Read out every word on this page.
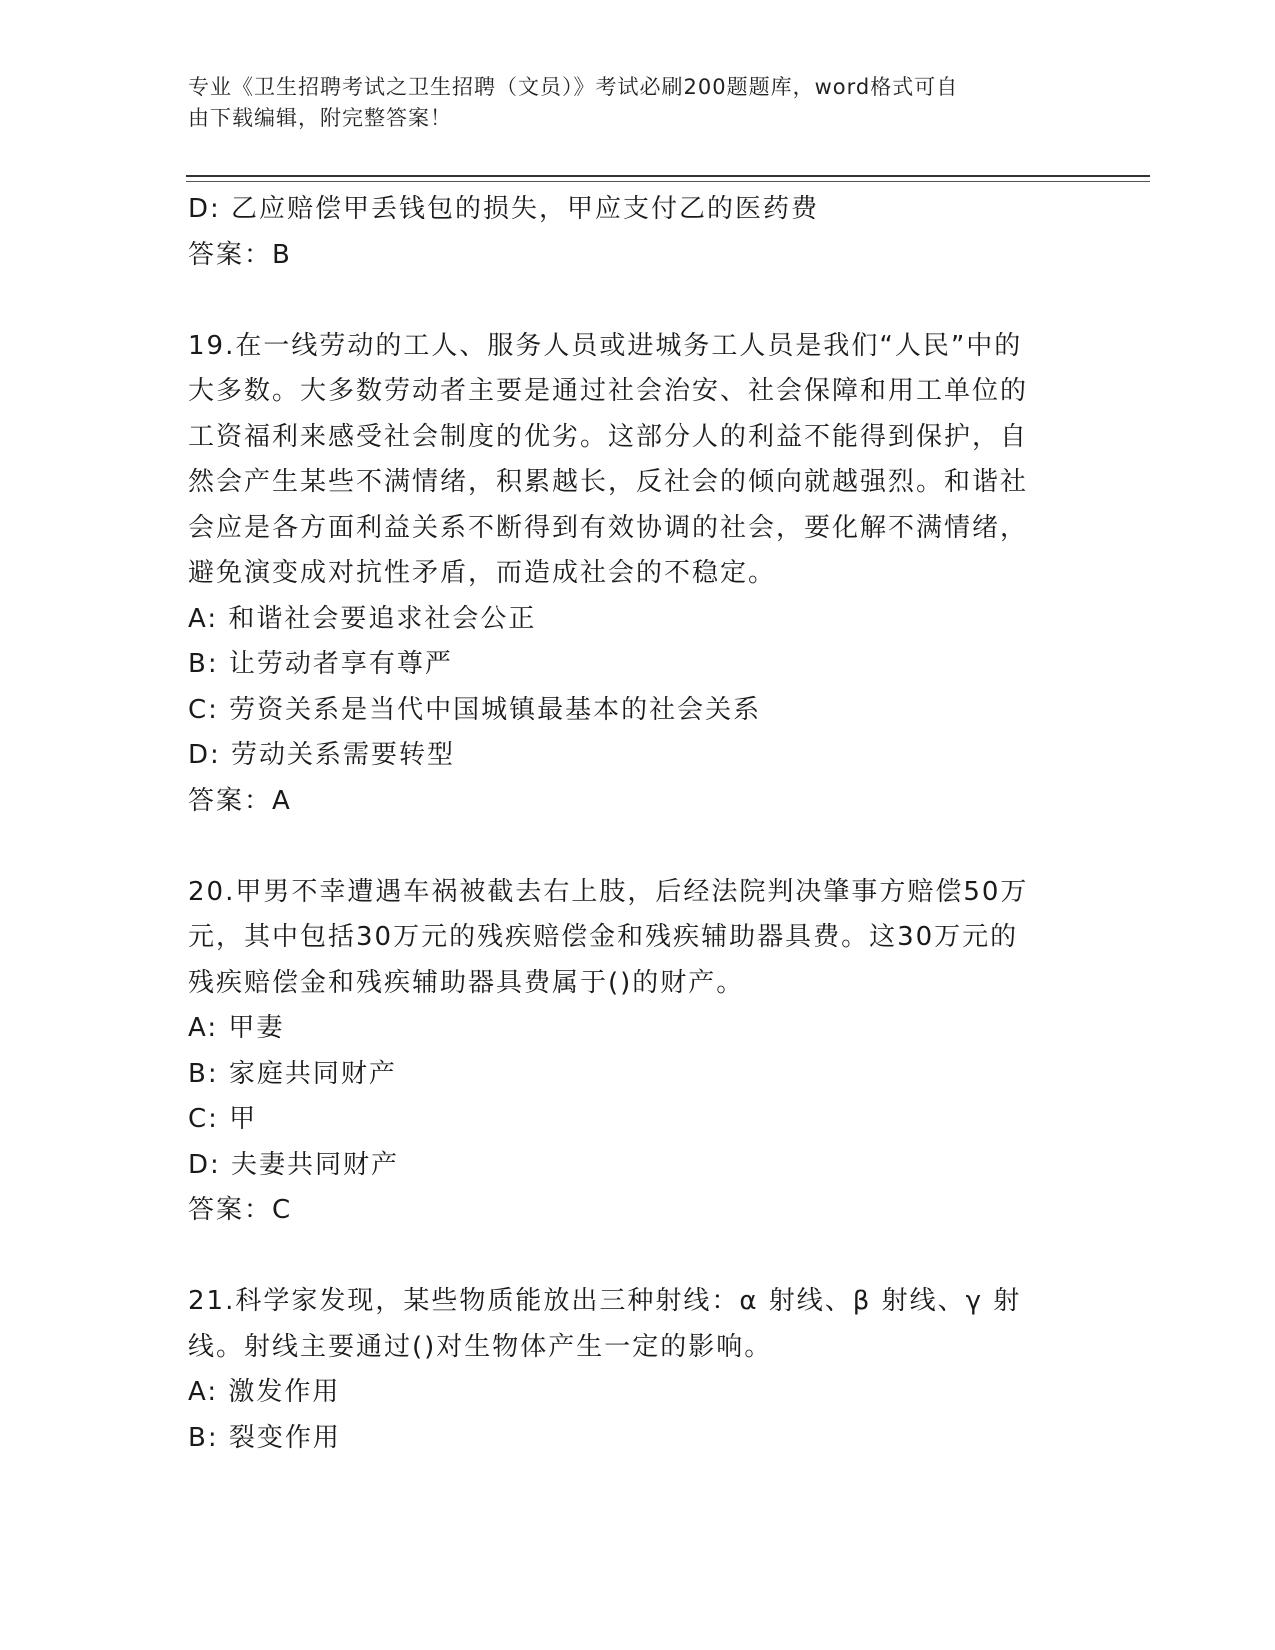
专业《卫生招聘考试之卫生招聘（文员）》考试必刷200题题库，word格式可自
由下载编辑，附完整答案！
D: 乙应赔偿甲丢钱包的损失，甲应支付乙的医药费
答案：B
19.在一线劳动的工人、服务人员或进城务工人员是我们“人民”中的
大多数。大多数劳动者主要是通过社会治安、社会保障和用工单位的
工资福利来感受社会制度的优劣。这部分人的利益不能得到保护，自
然会产生某些不满情绪，积累越长，反社会的倾向就越强烈。和谐社
会应是各方面利益关系不断得到有效协调的社会，要化解不满情绪，
避免演变成对抗性矛盾，而造成社会的不稳定。
A: 和谐社会要追求社会公正
B: 让劳动者享有尊严
C: 劳资关系是当代中国城镇最基本的社会关系
D: 劳动关系需要转型
答案：A
20.甲男不幸遭遇车祸被截去右上肢，后经法院判决肇事方赔偿50万
元，其中包括30万元的残疾赔偿金和残疾辅助器具费。这30万元的
残疾赔偿金和残疾辅助器具费属于()的财产。
A: 甲妻
B: 家庭共同财产
C: 甲
D: 夫妻共同财产
答案：C
21.科学家发现，某些物质能放出三种射线：α 射线、β 射线、γ 射
线。射线主要通过()对生物体产生一定的影响。
A: 激发作用
B: 裂变作用
